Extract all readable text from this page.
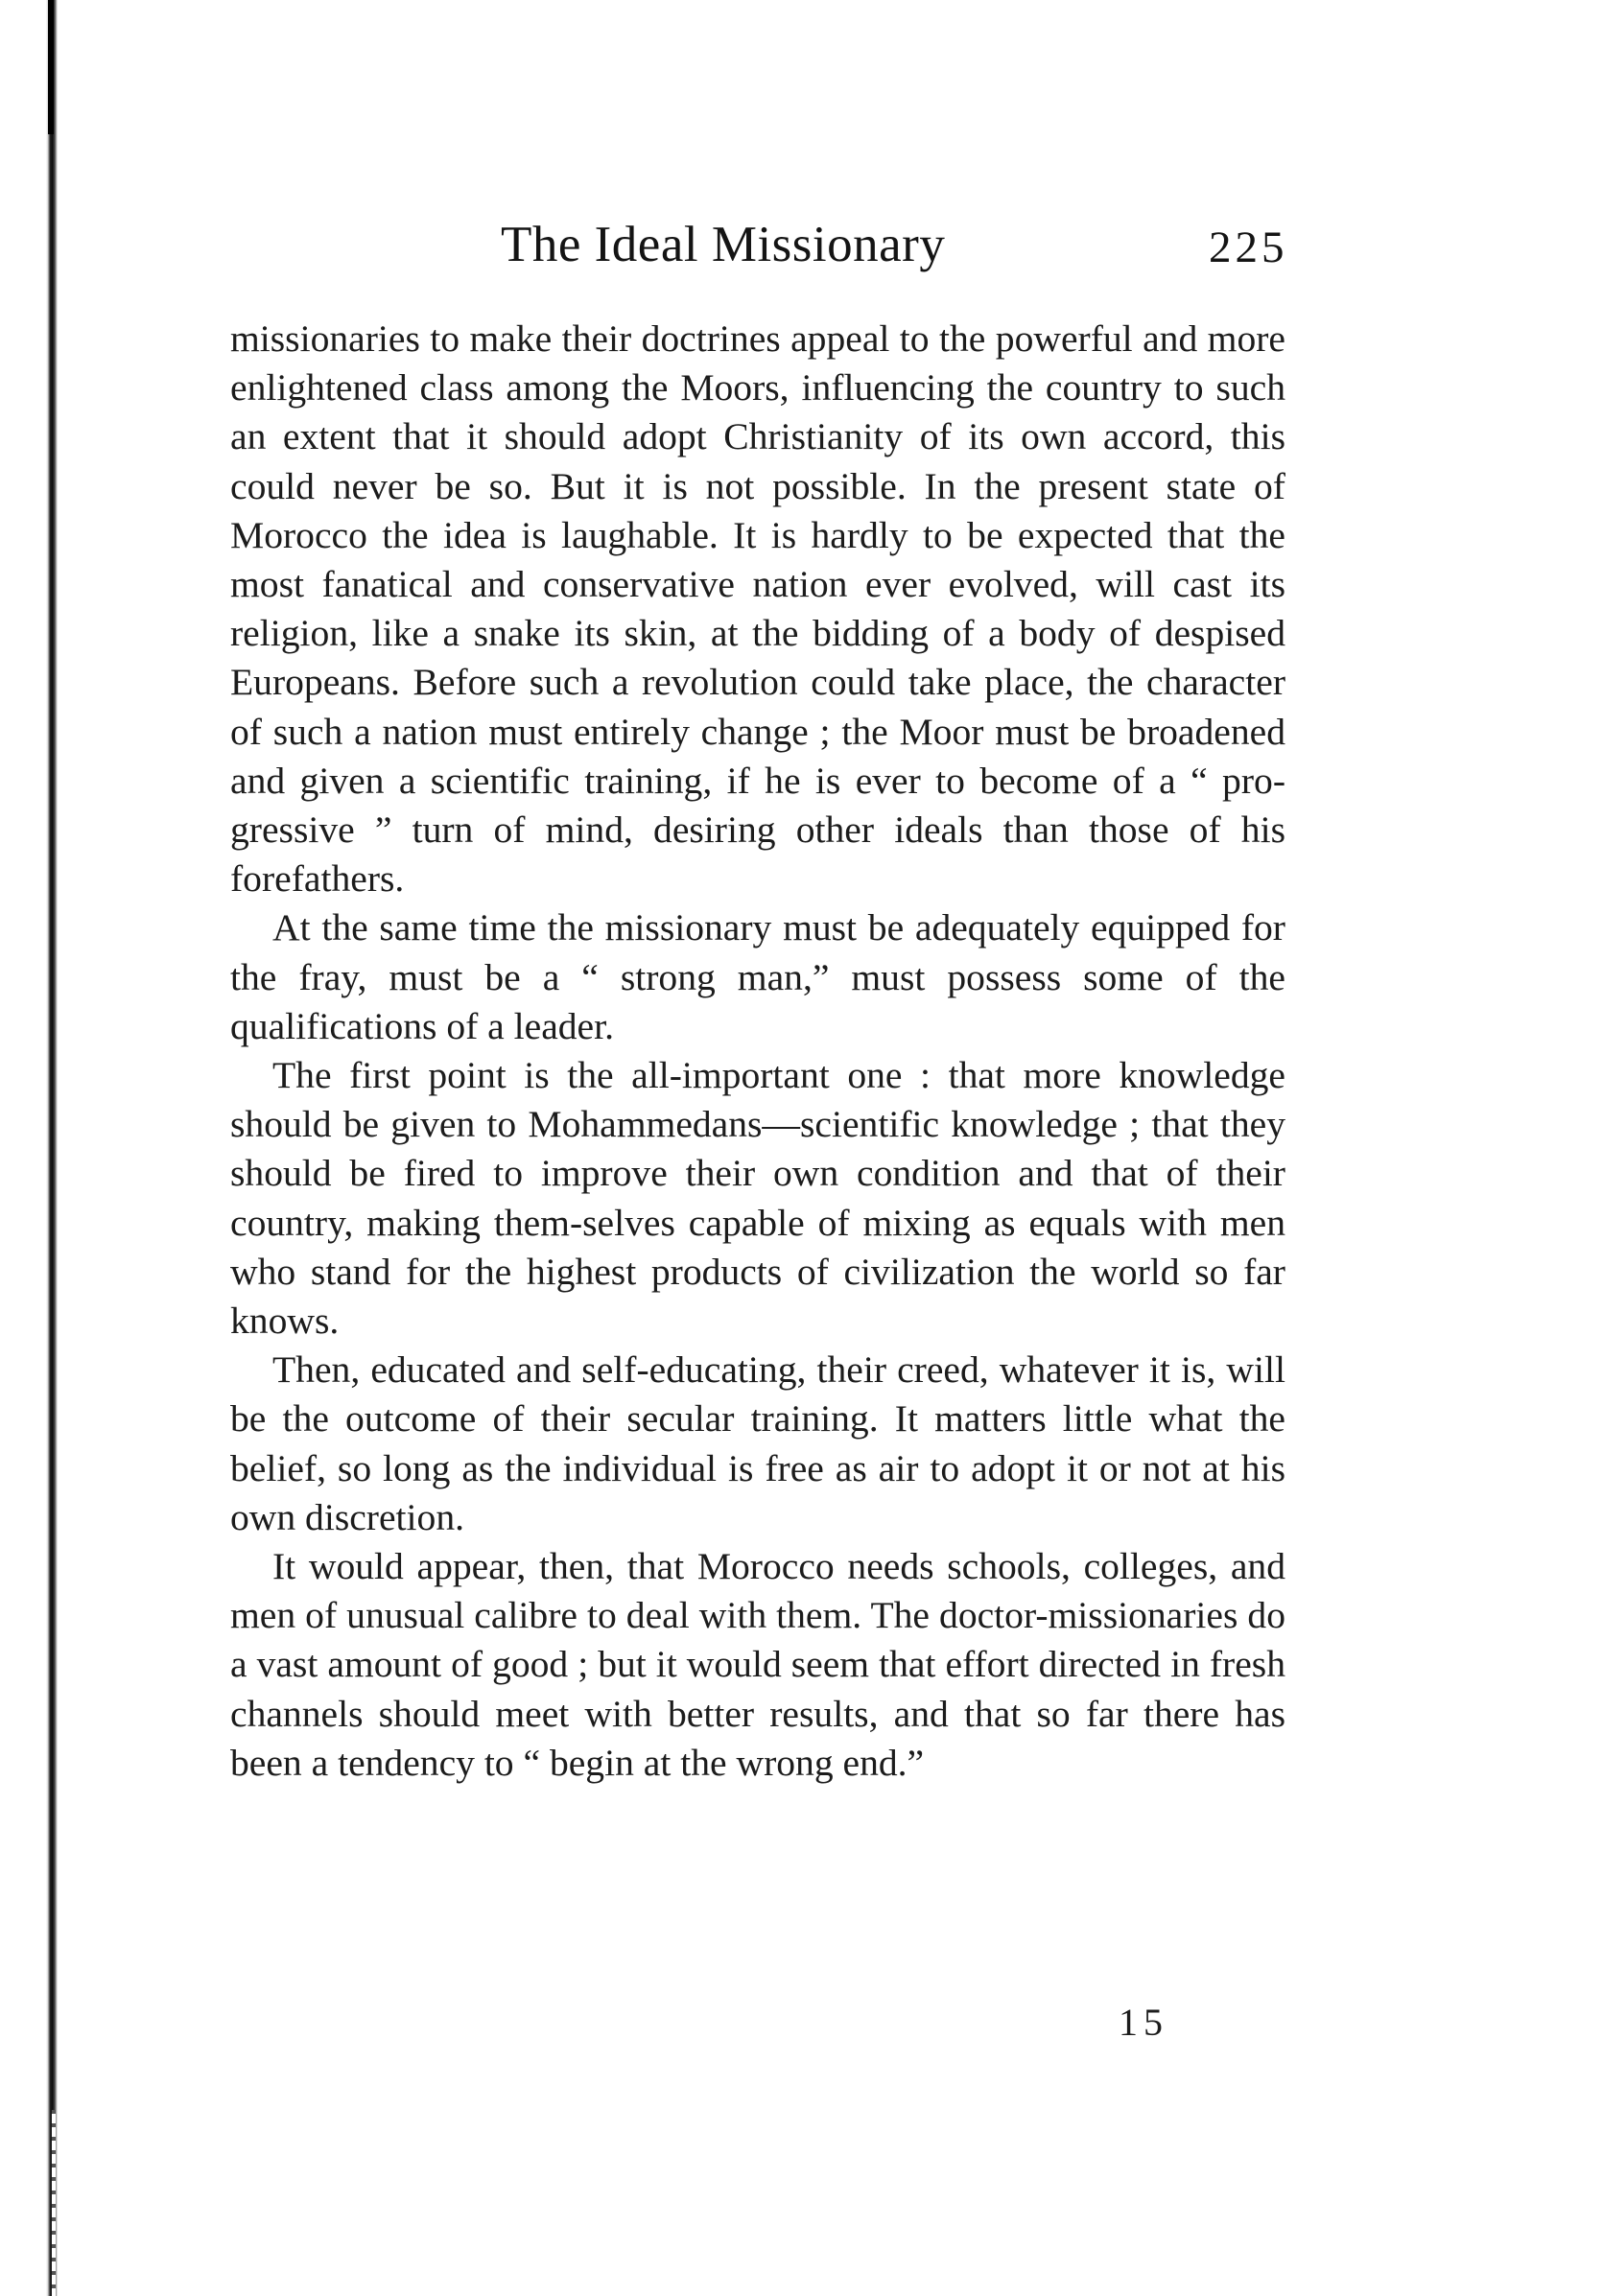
The Ideal Missionary	225

missionaries to make their doctrines appeal to the powerful and more enlightened class among the Moors, influencing the country to such an extent that it should adopt Christianity of its own accord, this could never be so. But it is not possible. In the present state of Morocco the idea is laughable. It is hardly to be expected that the most fanatical and conservative nation ever evolved, will cast its religion, like a snake its skin, at the bidding of a body of despised Europeans. Before such a revolution could take place, the character of such a nation must entirely change ; the Moor must be broadened and given a scientific training, if he is ever to become of a “ pro-gressive ” turn of mind, desiring other ideals than those of his forefathers.

At the same time the missionary must be adequately equipped for the fray, must be a “ strong man,” must possess some of the qualifications of a leader.

The first point is the all-important one : that more knowledge should be given to Mohammedans—scientific knowledge ; that they should be fired to improve their own condition and that of their country, making them-selves capable of mixing as equals with men who stand for the highest products of civilization the world so far knows.

Then, educated and self-educating, their creed, whatever it is, will be the outcome of their secular training. It matters little what the belief, so long as the individual is free as air to adopt it or not at his own discretion.

It would appear, then, that Morocco needs schools, colleges, and men of unusual calibre to deal with them. The doctor-missionaries do a vast amount of good ; but it would seem that effort directed in fresh channels should meet with better results, and that so far there has been a tendency to “ begin at the wrong end.”

15
